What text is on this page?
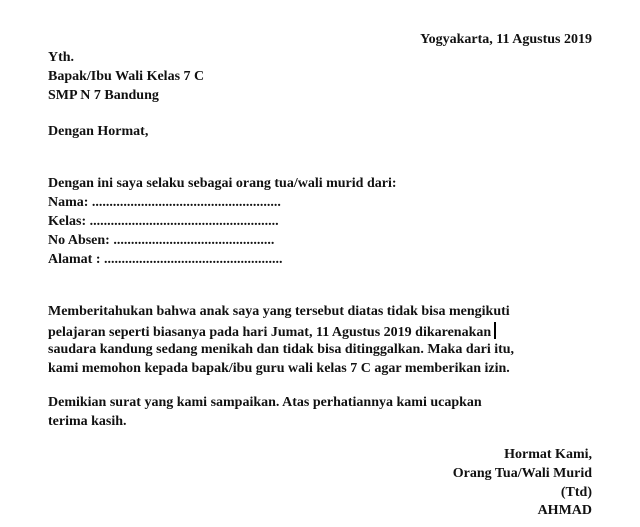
Yogyakarta, 11 Agustus 2019
Yth.
Bapak/Ibu Wali Kelas 7 C
SMP N 7 Bandung
Dengan Hormat,
Dengan ini saya selaku sebagai orang tua/wali murid dari:
Nama: ......................................................
Kelas: ......................................................
No Absen: ..............................................
Alamat : ...................................................
Memberitahukan bahwa anak saya yang tersebut diatas tidak bisa mengikuti
pelajaran seperti biasanya pada hari Jumat, 11 Agustus 2019 dikarenakan
saudara kandung sedang menikah dan tidak bisa ditinggalkan. Maka dari itu,
kami memohon kepada bapak/ibu guru wali kelas 7 C agar memberikan izin.
Demikian surat yang kami sampaikan. Atas perhatiannya kami ucapkan
terima kasih.
Hormat Kami,
Orang Tua/Wali Murid
(Ttd)
AHMAD
